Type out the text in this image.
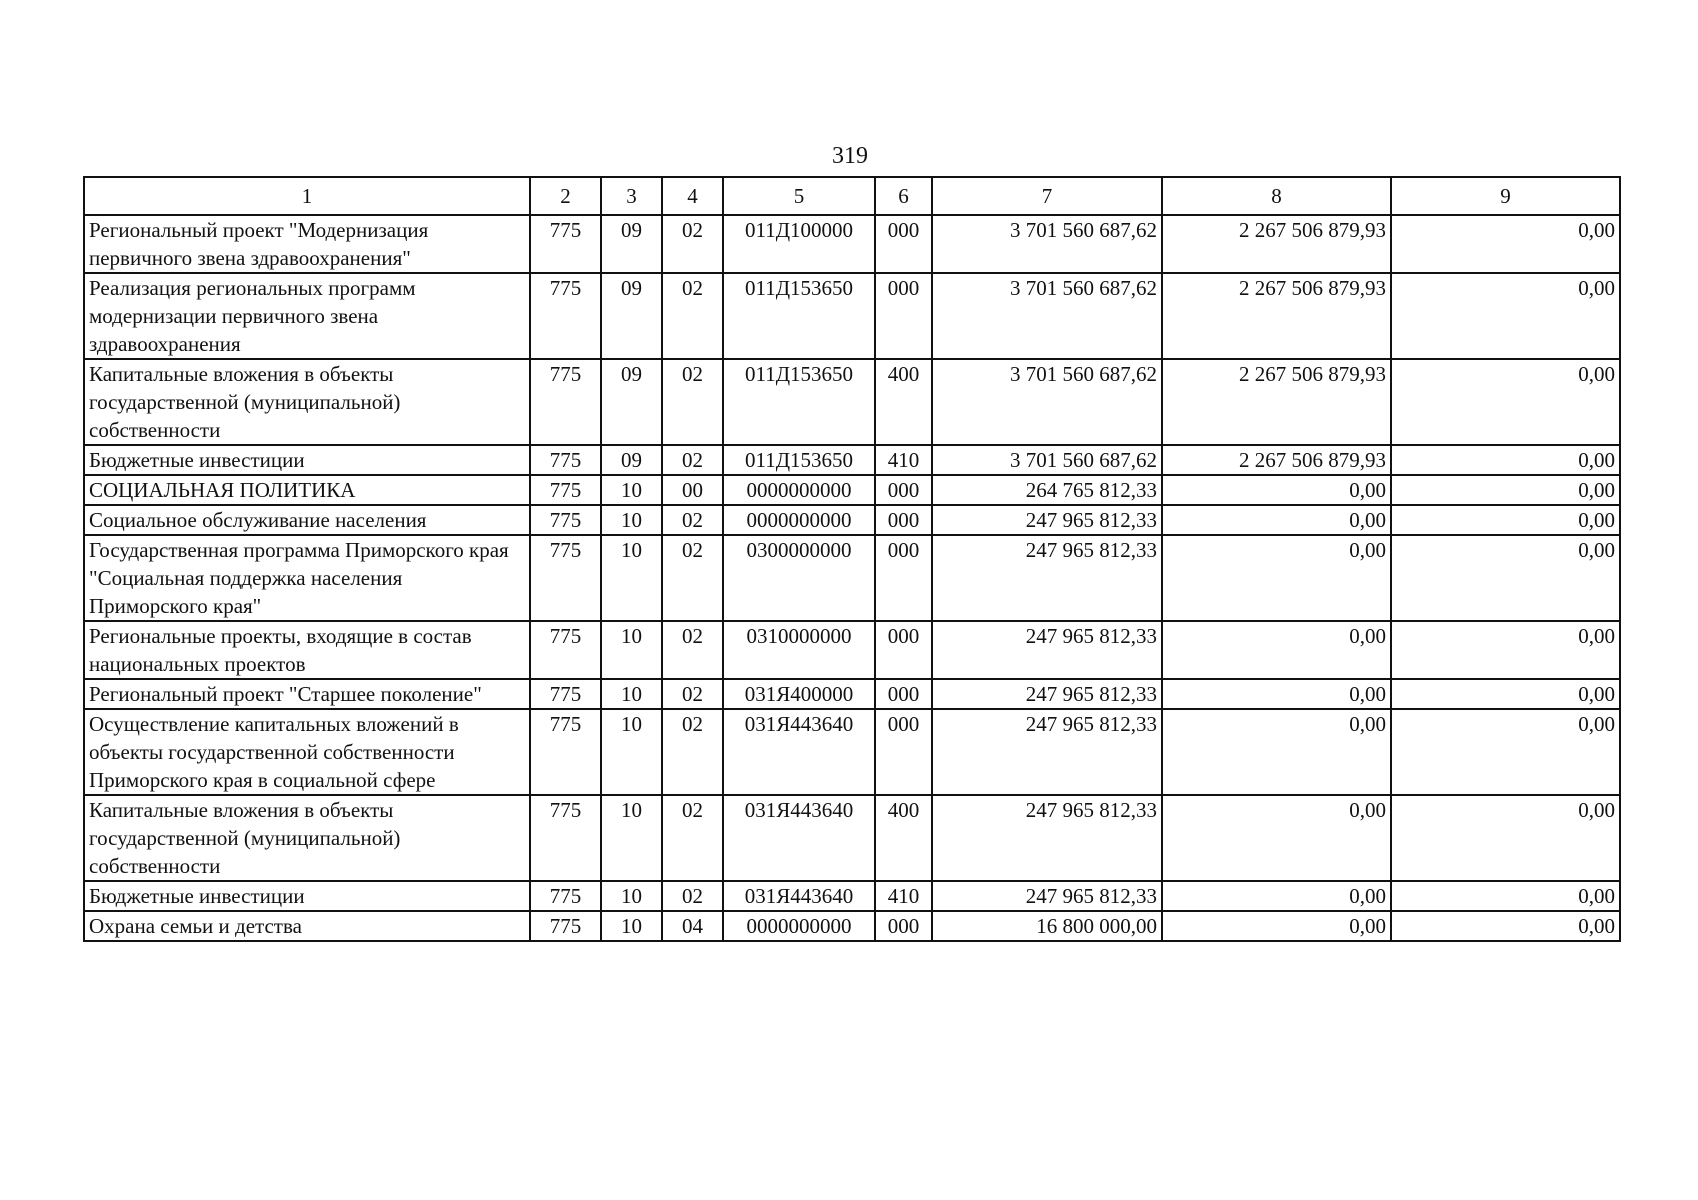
319
1	2	3	4	5	6	7	8	9
Региональный проект "Модернизация первичного звена здравоохранения"	775	09	02	011Д100000	000	3 701 560 687,62	2 267 506 879,93	0,00
Реализация региональных программ модернизации первичного звена здравоохранения	775	09	02	011Д153650	000	3 701 560 687,62	2 267 506 879,93	0,00
Капитальные вложения в объекты государственной (муниципальной) собственности	775	09	02	011Д153650	400	3 701 560 687,62	2 267 506 879,93	0,00
Бюджетные инвестиции	775	09	02	011Д153650	410	3 701 560 687,62	2 267 506 879,93	0,00
СОЦИАЛЬНАЯ ПОЛИТИКА	775	10	00	0000000000	000	264 765 812,33	0,00	0,00
Социальное обслуживание населения	775	10	02	0000000000	000	247 965 812,33	0,00	0,00
Государственная программа Приморского края "Социальная поддержка населения Приморского края"	775	10	02	0300000000	000	247 965 812,33	0,00	0,00
Региональные проекты, входящие в состав национальных проектов	775	10	02	0310000000	000	247 965 812,33	0,00	0,00
Региональный проект "Старшее поколение"	775	10	02	031Я400000	000	247 965 812,33	0,00	0,00
Осуществление капитальных вложений в объекты государственной собственности Приморского края в социальной сфере	775	10	02	031Я443640	000	247 965 812,33	0,00	0,00
Капитальные вложения в объекты государственной (муниципальной) собственности	775	10	02	031Я443640	400	247 965 812,33	0,00	0,00
Бюджетные инвестиции	775	10	02	031Я443640	410	247 965 812,33	0,00	0,00
Охрана семьи и детства	775	10	04	0000000000	000	16 800 000,00	0,00	0,00
